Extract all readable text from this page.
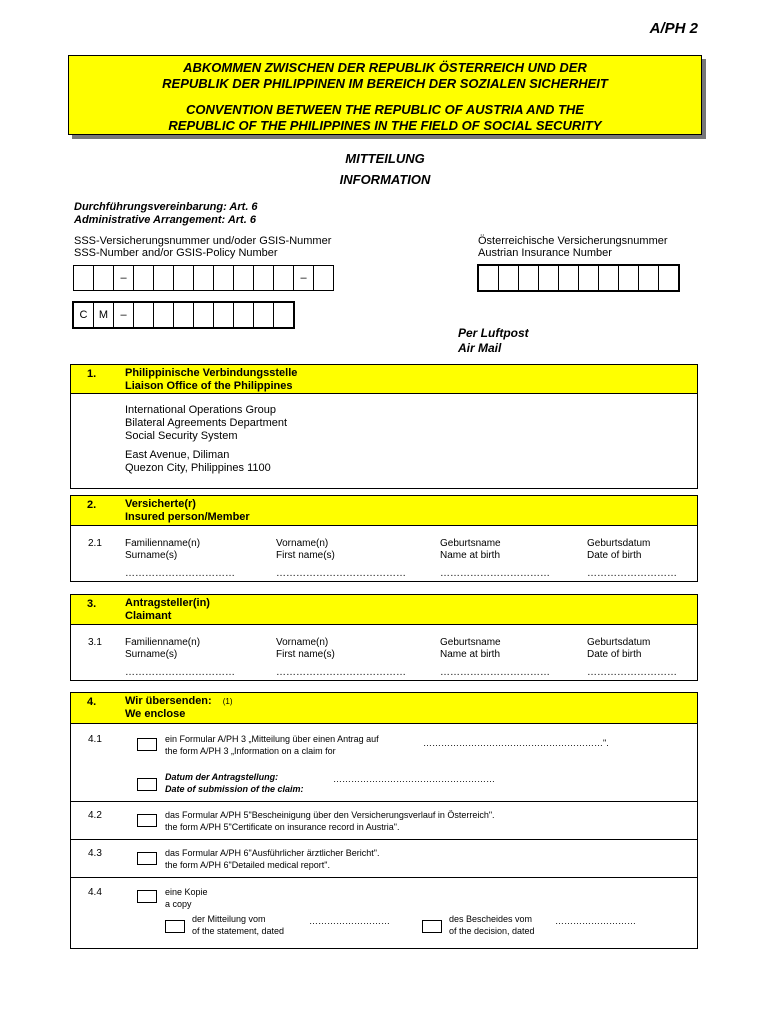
A/PH 2
ABKOMMEN ZWISCHEN DER REPUBLIK ÖSTERREICH UND DER
REPUBLIK DER PHILIPPINEN IM BEREICH DER SOZIALEN SICHERHEIT
CONVENTION BETWEEN THE REPUBLIC OF AUSTRIA AND THE
REPUBLIC OF THE PHILIPPINES IN THE FIELD OF SOCIAL SECURITY
MITTEILUNG
INFORMATION
Durchführungsvereinbarung: Art. 6
Administrative Arrangement: Art. 6
SSS-Versicherungsnummer und/oder GSIS-Nummer
SSS-Number and/or GSIS-Policy Number
Österreichische Versicherungsnummer
Austrian Insurance Number
–	–
C	M	–
Per Luftpost
Air Mail
1.	Philippinische Verbindungsstelle
Liaison Office of the Philippines
International Operations Group
Bilateral Agreements Department
Social Security System
East Avenue, Diliman
Quezon City, Philippines 1100
2.	Versicherte(r)
Insured person/Member
2.1 Familienname(n)
Surname(s)
……………………………
Vorname(n)
First name(s)
…………………………………
Geburtsname
Name at birth
……………………………
Geburtsdatum
Date of birth
………………………
3.	Antragsteller(in)
Claimant
3.1 Familienname(n)
Surname(s)
……………………………
Vorname(n)
First name(s)
…………………………………
Geburtsname
Name at birth
……………………………
Geburtsdatum
Date of birth
………………………
4.	Wir übersenden: (1)
We enclose
4.1	ein Formular A/PH 3 „Mitteilung über einen Antrag auf
the form A/PH 3 „Information on a claim for
……………………………………………………".
Datum der Antragstellung:
Date of submission of the claim:
………………………………………………
4.2	das Formular A/PH 5"Bescheinigung über den Versicherungsverlauf in Österreich".
the form A/PH 5"Certificate on insurance record in Austria".
4.3	das Formular A/PH 6"Ausführlicher ärztlicher Bericht".
the form A/PH 6"Detailed medical report".
4.4	eine Kopie
a copy
der Mitteilung vom
of the statement, dated
………………………	des Bescheides vom
of the decision, dated
………………………
